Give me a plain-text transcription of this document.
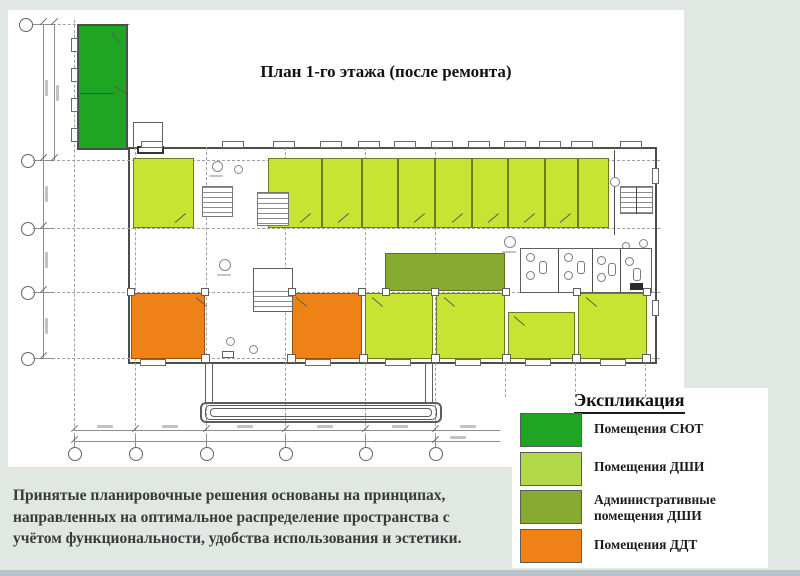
План 1-го этажа (после ремонта)
Экспликация
Помещения СЮТ
Помещения ДШИ
Административные помещения ДШИ
Помещения ДДТ
Принятые планировочные решения основаны на принципах,
направленных на оптимальное распределение пространства с
учётом функциональности, удобства использования и эстетики.
